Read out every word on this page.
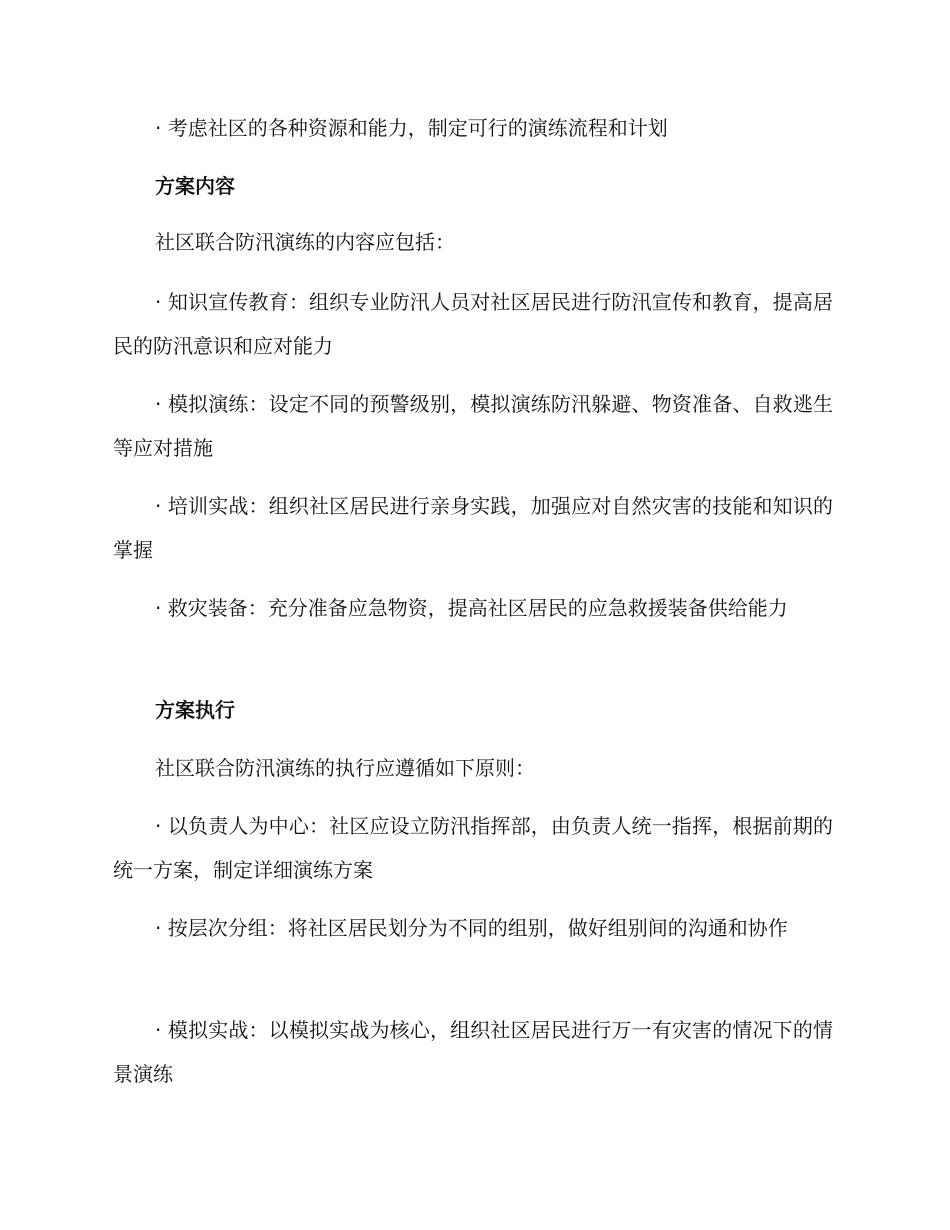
· 考虑社区的各种资源和能力，制定可行的演练流程和计划

方案内容

社区联合防汛演练的内容应包括：

· 知识宣传教育：组织专业防汛人员对社区居民进行防汛宣传和教育，提高居民的防汛意识和应对能力

· 模拟演练：设定不同的预警级别，模拟演练防汛躲避、物资准备、自救逃生等应对措施

· 培训实战：组织社区居民进行亲身实践，加强应对自然灾害的技能和知识的掌握

· 救灾装备：充分准备应急物资，提高社区居民的应急救援装备供给能力

方案执行

社区联合防汛演练的执行应遵循如下原则：

· 以负责人为中心：社区应设立防汛指挥部，由负责人统一指挥，根据前期的统一方案，制定详细演练方案

· 按层次分组：将社区居民划分为不同的组别，做好组别间的沟通和协作

· 模拟实战：以模拟实战为核心，组织社区居民进行万一有灾害的情况下的情景演练
